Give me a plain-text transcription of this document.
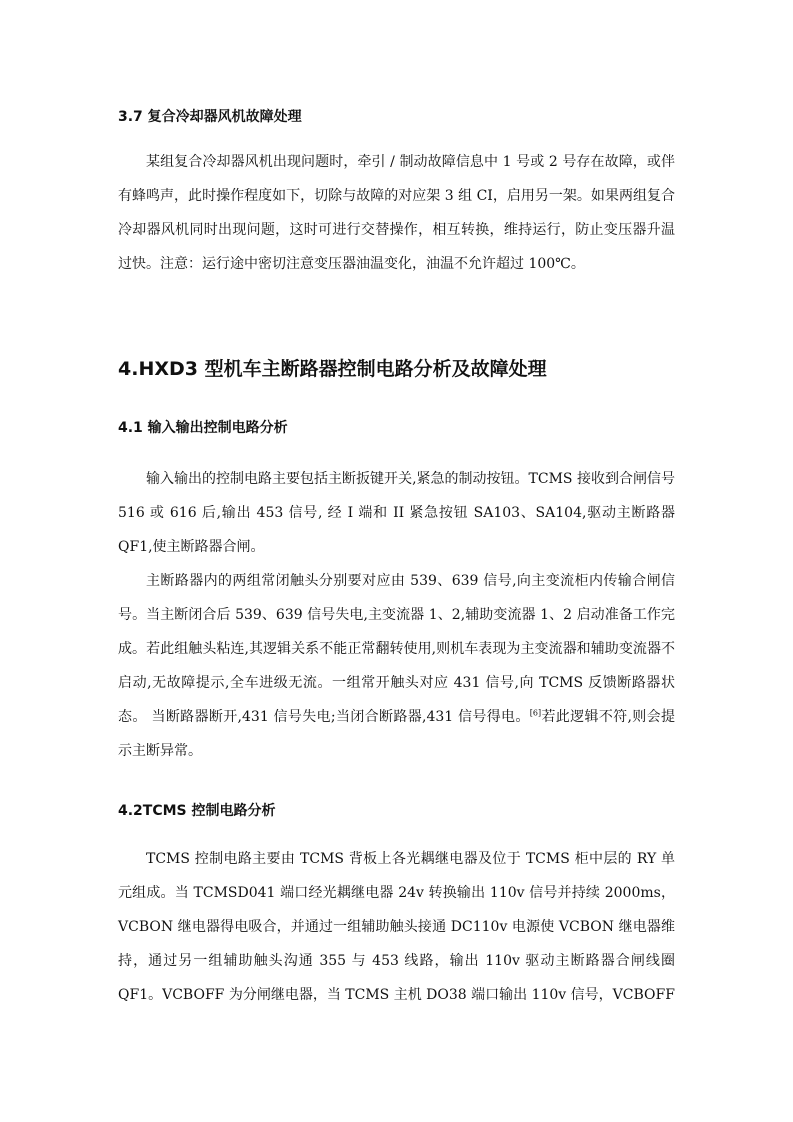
3.7 复合冷却器风机故障处理

某组复合冷却器风机出现问题时，牵引 / 制动故障信息中 1 号或 2 号存在故障，或伴有蜂鸣声，此时操作程度如下，切除与故障的对应架 3 组 CI，启用另一架。如果两组复合冷却器风机同时出现问题，这时可进行交替操作，相互转换，维持运行，防止变压器升温过快。注意：运行途中密切注意变压器油温变化，油温不允许超过 100℃。

4.HXD3 型机车主断路器控制电路分析及故障处理
4.1 输入输出控制电路分析

输入输出的控制电路主要包括主断扳键开关,紧急的制动按钮。TCMS 接收到合闸信号 516 或 616 后,输出 453 信号, 经 I 端和 II 紧急按钮 SA103、SA104,驱动主断路器 QF1,使主断路器合闸。

主断路器内的两组常闭触头分别要对应由 539、639 信号,向主变流柜内传输合闸信号。当主断闭合后 539、639 信号失电,主变流器 1、2,辅助变流器 1、2 启动准备工作完成。若此组触头粘连,其逻辑关系不能正常翻转使用,则机车表现为主变流器和辅助变流器不启动,无故障提示,全车进级无流。一组常开触头对应 431 信号,向 TCMS 反馈断路器状态。 当断路器断开,431 信号失电;当闭合断路器,431 信号得电。[6]若此逻辑不符,则会提示主断异常。

4.2TCMS 控制电路分析

TCMS 控制电路主要由 TCMS 背板上各光耦继电器及位于 TCMS 柜中层的 RY 单元组成。当 TCMSD041 端口经光耦继电器 24v 转换输出 110v 信号并持续 2000ms，VCBON 继电器得电吸合，并通过一组辅助触头接通 DC110v 电源使 VCBON 继电器维持，通过另一组辅助触头沟通 355 与 453 线路，输出 110v 驱动主断路器合闸线圈 QF1。VCBOFF 为分闸继电器，当 TCMS 主机 DO38 端口输出 110v 信号，VCBOFF
